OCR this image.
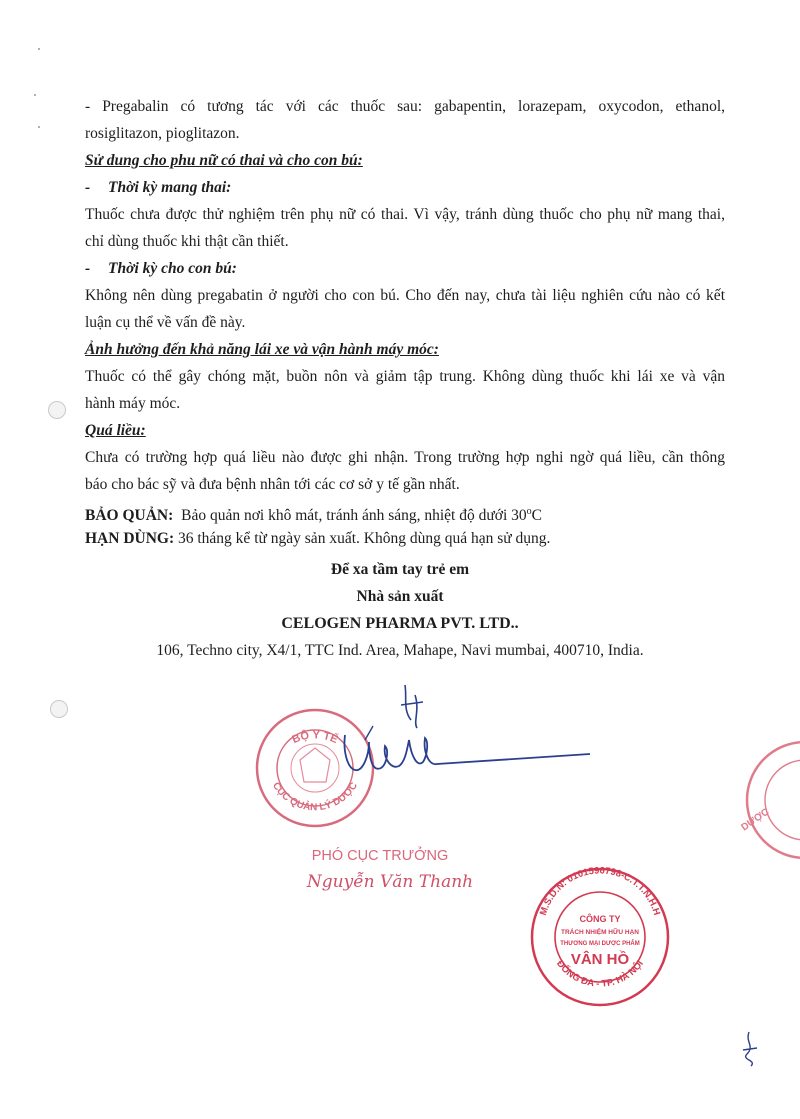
- Pregabalin có tương tác với các thuốc sau: gabapentin, lorazepam, oxycodon, ethanol,
rosiglitazon, pioglitazon.
Sử dung cho phu nữ có thai và cho con bú:
- Thời kỳ mang thai:
Thuốc chưa được thử nghiệm trên phụ nữ có thai. Vì vậy, tránh dùng thuốc cho phụ nữ mang thai,
chỉ dùng thuốc khi thật cần thiết.
- Thời kỳ cho con bú:
Không nên dùng pregabatin ở người cho con bú. Cho đến nay, chưa tài liệu nghiên cứu nào có kết
luận cụ thể về vấn đề này.
Ảnh hưởng đến khả năng lái xe và vận hành máy móc:
Thuốc có thể gây chóng mặt, buồn nôn và giảm tập trung. Không dùng thuốc khi lái xe và vận
hành máy móc.
Quá liều:
Chưa có trường hợp quá liều nào được ghi nhận. Trong trường hợp nghi ngờ quá liều, cần thông
báo cho bác sỹ và đưa bệnh nhân tới các cơ sở y tế gần nhất.
BẢO QUẢN: Bảo quản nơi khô mát, tránh ánh sáng, nhiệt độ dưới 30$^o$C
HẠN DÙNG: 36 tháng kể từ ngày sản xuất. Không dùng quá hạn sử dụng.
Để xa tầm tay trẻ em
Nhà sản xuất
CELOGEN PHARMA PVT. LTD..
106, Techno city, X4/1, TTC Ind. Area, Mahape, Navi mumbai, 400710, India.
BỘ Y TẾ
CỤC QUẢN LÝ DƯỢC
PHÓ CỤC TRƯỞNG
Nguyễn Văn Thanh
M.S.D.N: 0101596798-C.T.T.N.H.H
ĐỐNG ĐA - TP. HÀ NỘI
CÔNG TY
TRÁCH NHIỆM HỮU HẠN
THƯƠNG MẠI DƯỢC PHẨM
VÂN HỒ
DƯỢC
